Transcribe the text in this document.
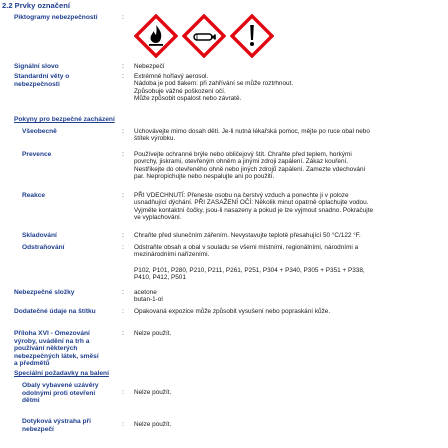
2.2 Prvky označení
Piktogramy nebezpečnosti	:
Signální slovo	: Nebezpečí
Standardní věty o
nebezpečnosti
: Extrémně hořlavý aerosol.
Nádoba je pod tlakem: při zahřívání se může roztrhnout.
Způsobuje vážné poškození očí.
Může způsobit ospalost nebo závratě.
Pokyny pro bezpečné zacházení
Všeobecně	: Uchovávejte mimo dosah dětí. Je-li nutná lékařská pomoc, mějte po ruce obal nebo
štítek výrobku.
Prevence	: Používejte ochranné brýle nebo obličejový štít. Chraňte před teplem, horkými
povrchy, jiskrami, otevřeným ohněm a jinými zdroji zapálení. Zákaz kouření.
Nestříkejte do otevřeného ohně nebo jiných zdrojů zapálení. Zamezte vdechování
par. Nepropichujte nebo nespalujte ani po použití.
Reakce	: PŘI VDECHNUTÍ: Přeneste osobu na čerstvý vzduch a ponechte ji v poloze
usnadňující dýchání. PŘI ZASAŽENÍ OČÍ: Několik minut opatrně oplachujte vodou.
Vyjměte kontaktní čočky, jsou-li nasazeny a pokud je lze vyjmout snadno. Pokračujte
ve vyplachování.
Skladování	: Chraňte před slunečním zářením. Nevystavujte teplotě přesahující 50 °C/122 °F.
Odstraňování	: Odstraňte obsah a obal v souladu se všemi místními, regionálními, národními a
mezinárodními nařízeními.
P102, P101, P280, P210, P211, P261, P251, P304 + P340, P305 + P351 + P338,
P410, P412, P501
Nebezpečné složky	: acetone
butan-1-ol
Dodatečné údaje na štítku	: Opakovaná expozice může způsobit vysušení nebo popraskání kůže.
Příloha XVI - Omezování
výroby, uvádění na trh a
používání některých
nebezpečných látek, směsí
a předmětů
: Nelze použít.
Speciální požadavky na balení
Obaly vybavené uzávěry
odolnými proti otevření
dětmi
: Nelze použít.
Dotyková výstraha při
nebezpečí
: Nelze použít.
